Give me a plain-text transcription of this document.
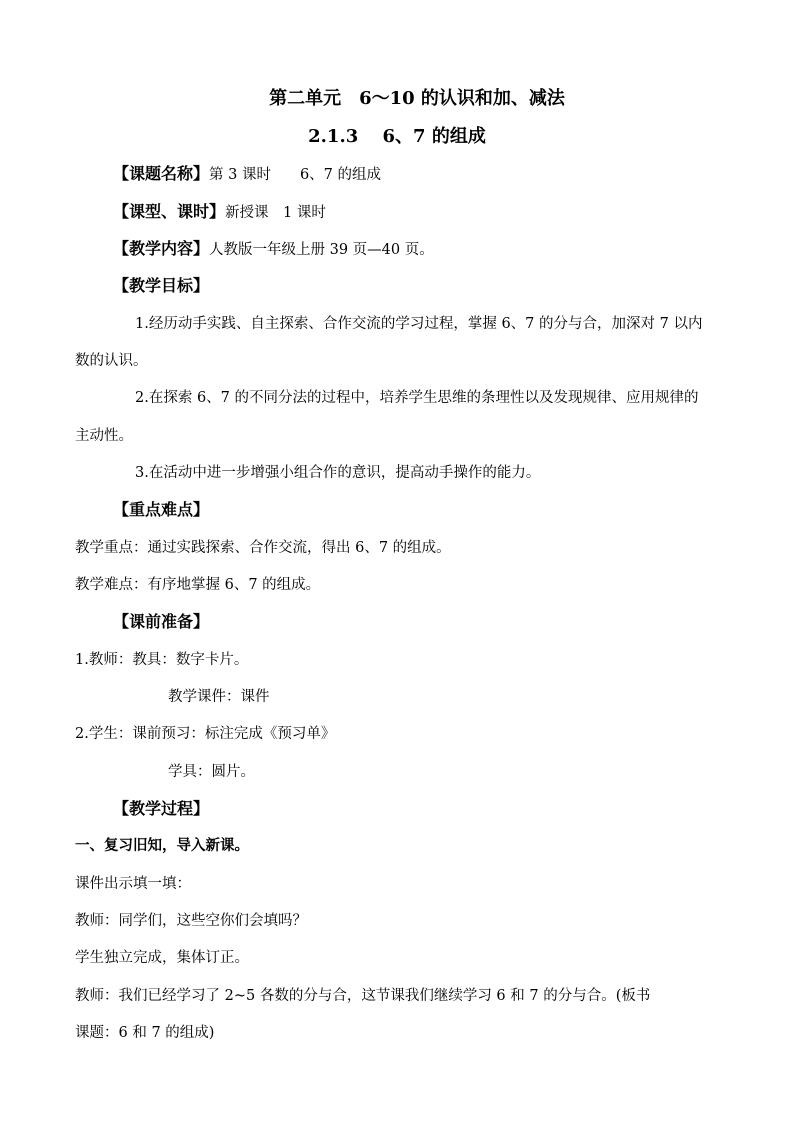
第二单元　6～10 的认识和加、减法
2.1.3　 6、7 的组成
【课题名称】第 3 课时　　6、7 的组成
【课型、课时】新授课　1 课时
【教学内容】人教版一年级上册 39 页—40 页。
【教学目标】
1.经历动手实践、自主探索、合作交流的学习过程，掌握 6、7 的分与合，加深对 7 以内
数的认识。
2.在探索 6、7 的不同分法的过程中，培养学生思维的条理性以及发现规律、应用规律的
主动性。
3.在活动中进一步增强小组合作的意识，提高动手操作的能力。
【重点难点】
教学重点：通过实践探索、合作交流，得出 6、7 的组成。
教学难点：有序地掌握 6、7 的组成。
【课前准备】
1.教师：教具：数字卡片。
教学课件：课件
2.学生：课前预习：标注完成《预习单》
学具：圆片。
【教学过程】
一、复习旧知，导入新课。
课件出示填一填：
教师：同学们，这些空你们会填吗？
学生独立完成，集体订正。
教师：我们已经学习了 2~5 各数的分与合，这节课我们继续学习 6 和 7 的分与合。(板书
课题：6 和 7 的组成)
